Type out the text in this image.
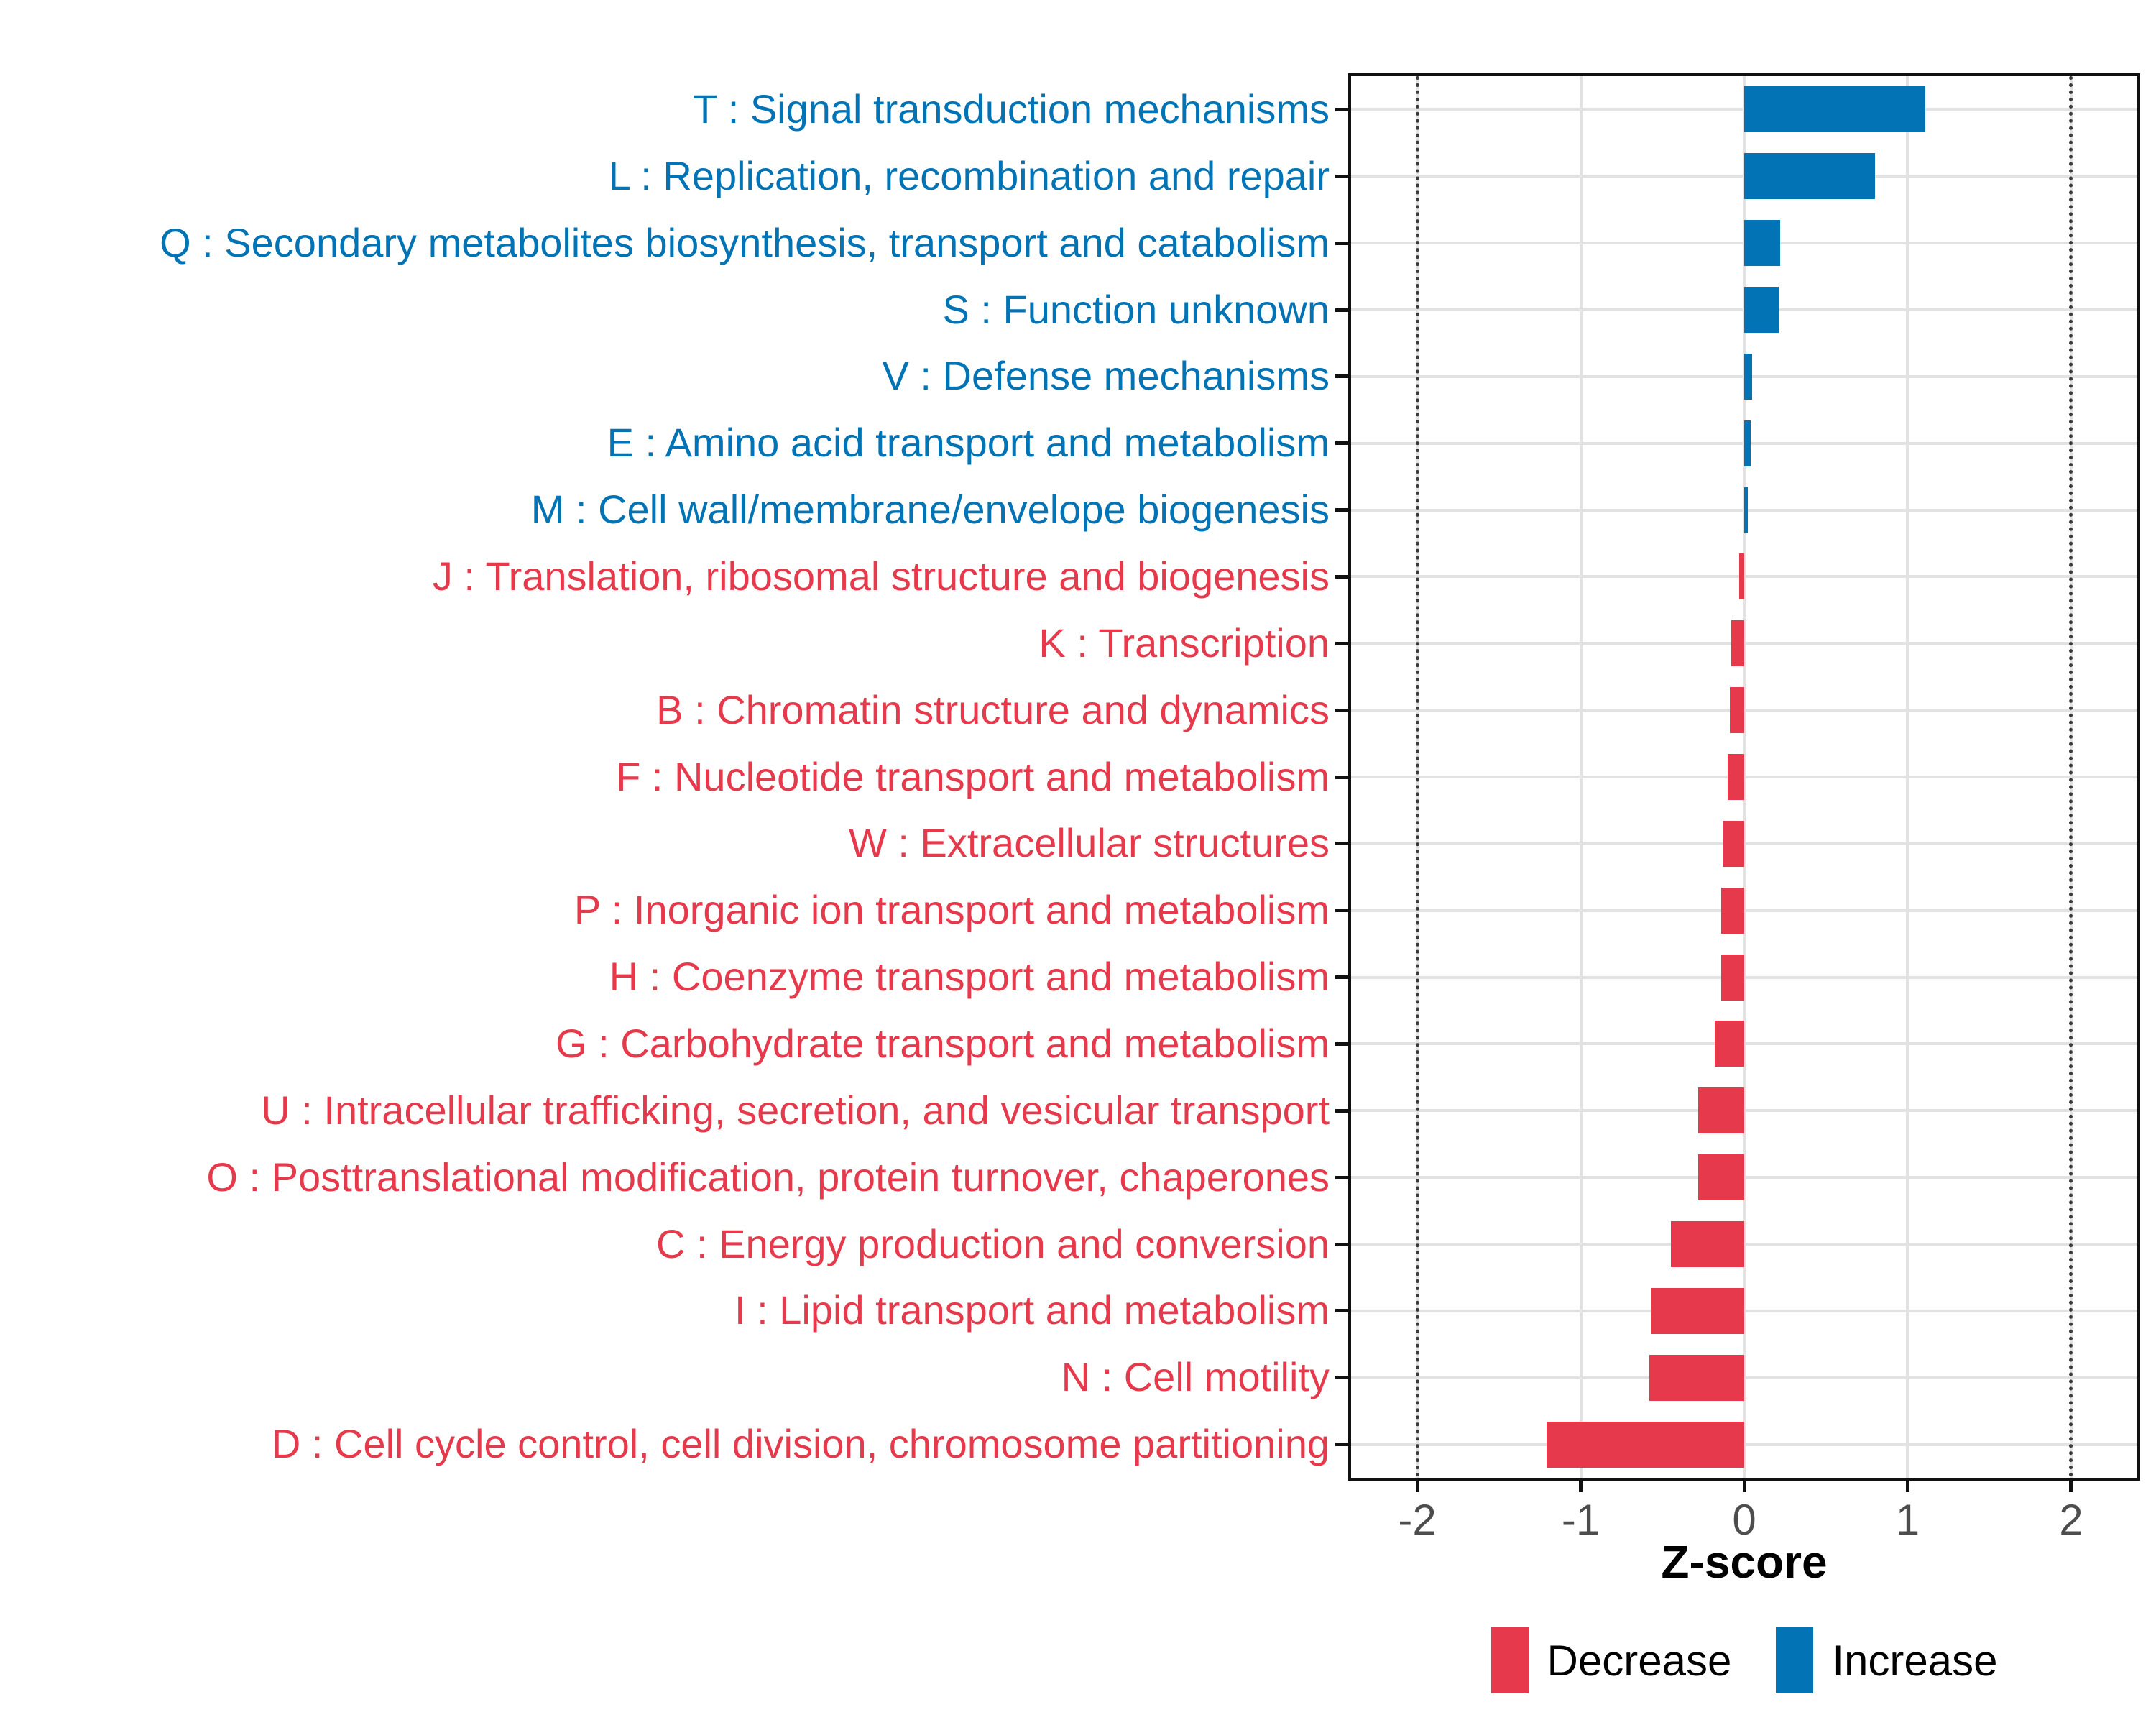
T : Signal transduction mechanisms
L : Replication, recombination and repair
Q : Secondary metabolites biosynthesis, transport and catabolism
S : Function unknown
V : Defense mechanisms
E : Amino acid transport and metabolism
M : Cell wall/membrane/envelope biogenesis
J : Translation, ribosomal structure and biogenesis
K : Transcription
B : Chromatin structure and dynamics
F : Nucleotide transport and metabolism
W : Extracellular structures
P : Inorganic ion transport and metabolism
H : Coenzyme transport and metabolism
G : Carbohydrate transport and metabolism
U : Intracellular trafficking, secretion, and vesicular transport
O : Posttranslational modification, protein turnover, chaperones
C : Energy production and conversion
I : Lipid transport and metabolism
N : Cell motility
D : Cell cycle control, cell division, chromosome partitioning
-2	-1	0	1	2
Z-score
Decrease Increase
